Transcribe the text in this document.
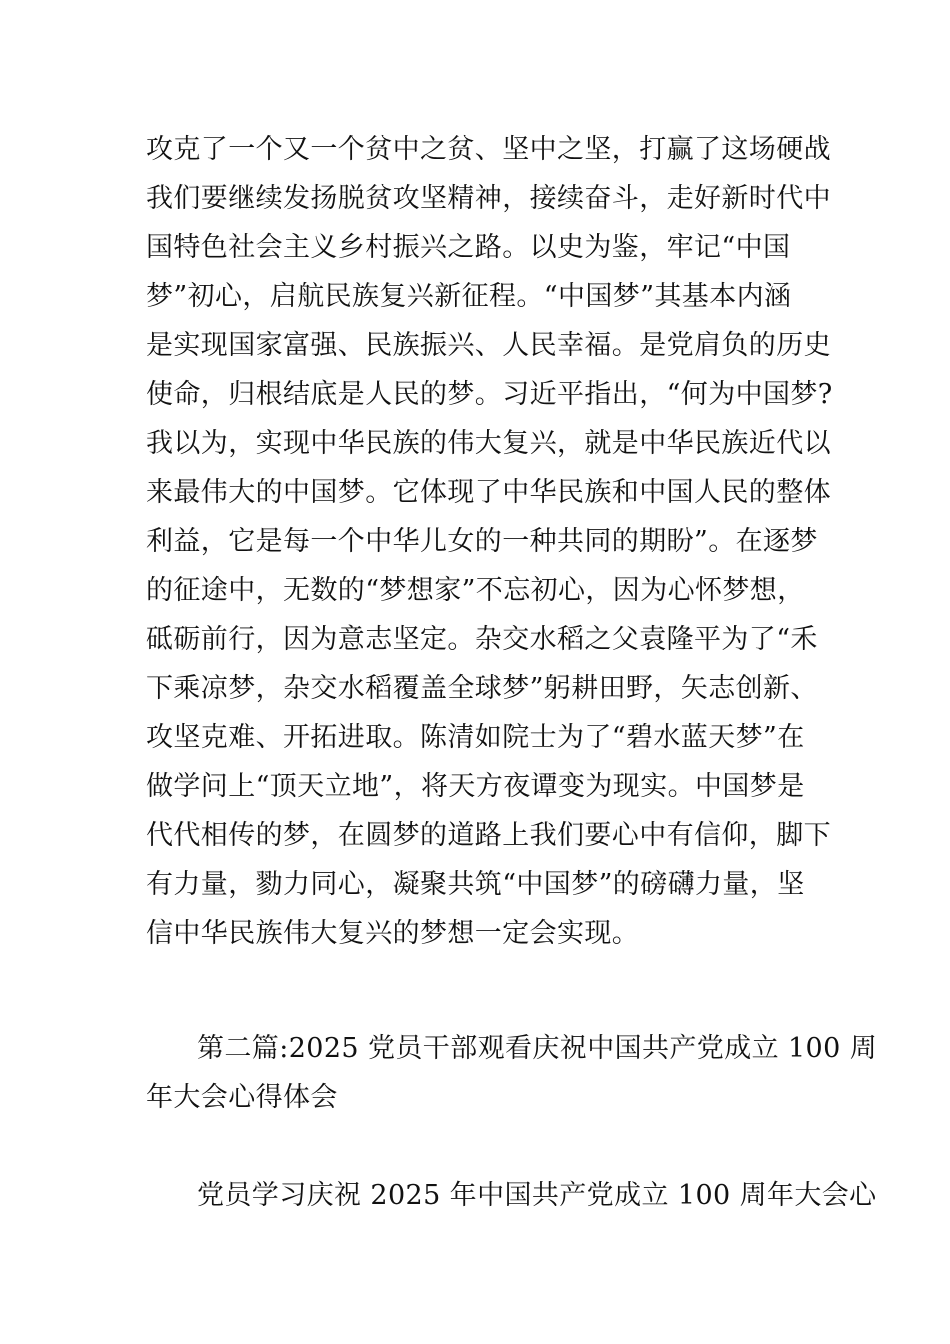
攻克了一个又一个贫中之贫、坚中之坚，打赢了这场硬战
我们要继续发扬脱贫攻坚精神，接续奋斗，走好新时代中
国特色社会主义乡村振兴之路。以史为鉴，牢记“中国
梦”初心，启航民族复兴新征程。“中国梦”其基本内涵
是实现国家富强、民族振兴、人民幸福。是党肩负的历史
使命，归根结底是人民的梦。习近平指出，“何为中国梦?
我以为，实现中华民族的伟大复兴，就是中华民族近代以
来最伟大的中国梦。它体现了中华民族和中国人民的整体
利益，它是每一个中华儿女的一种共同的期盼”。在逐梦
的征途中，无数的“梦想家”不忘初心，因为心怀梦想，
砥砺前行，因为意志坚定。杂交水稻之父袁隆平为了“禾
下乘凉梦，杂交水稻覆盖全球梦”躬耕田野，矢志创新、
攻坚克难、开拓进取。陈清如院士为了“碧水蓝天梦”在
做学问上“顶天立地”，将天方夜谭变为现实。中国梦是
代代相传的梦，在圆梦的道路上我们要心中有信仰，脚下
有力量，勠力同心，凝聚共筑“中国梦”的磅礴力量，坚
信中华民族伟大复兴的梦想一定会实现。
第二篇:2025 党员干部观看庆祝中国共产党成立 100 周
年大会心得体会
党员学习庆祝 2025 年中国共产党成立 100 周年大会心
